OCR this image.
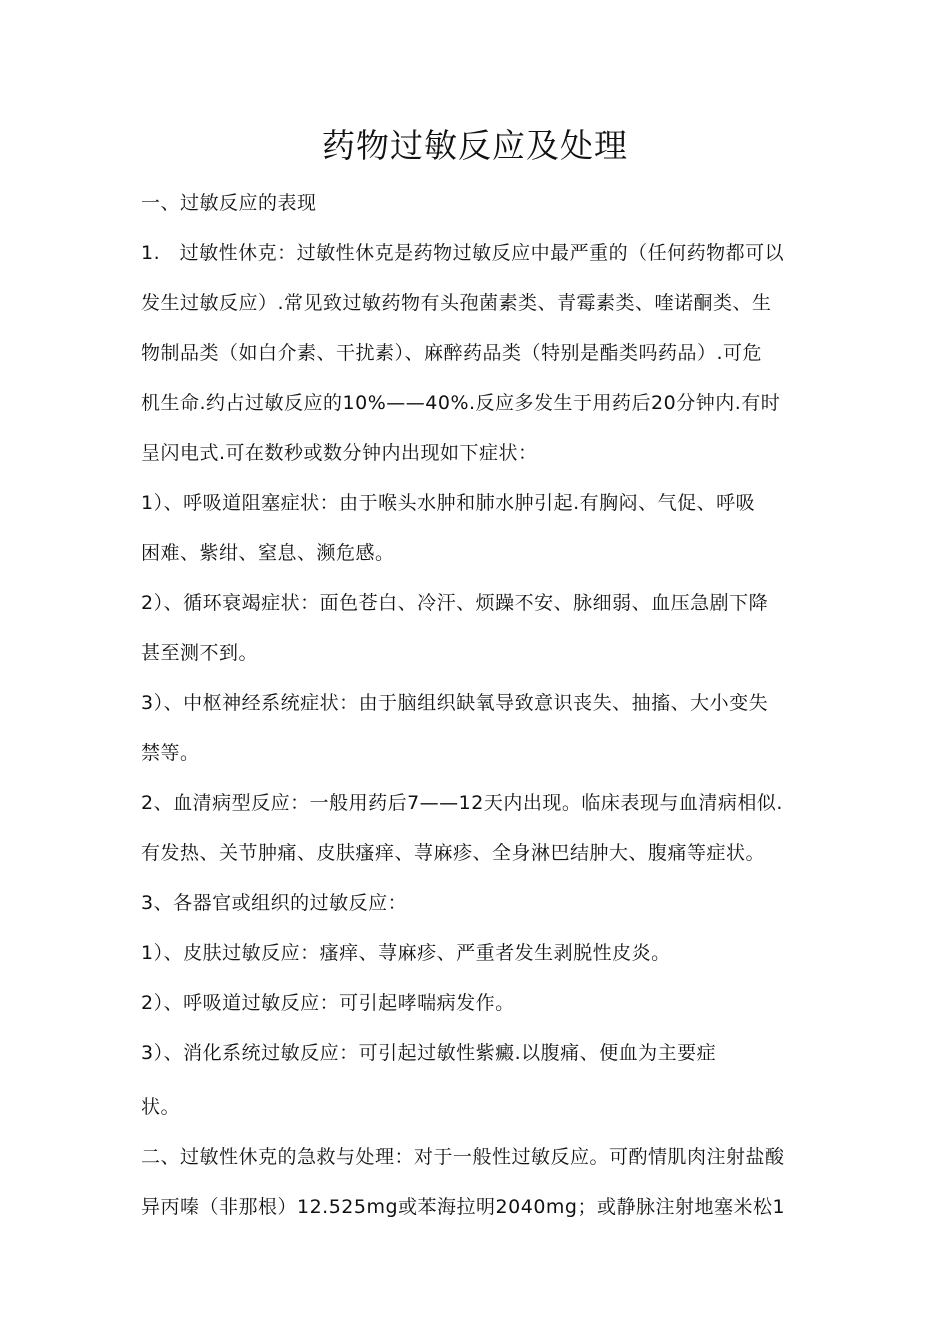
药物过敏反应及处理
一、过敏反应的表现
1.　过敏性休克：过敏性休克是药物过敏反应中最严重的（任何药物都可以
发生过敏反应）.常见致过敏药物有头孢菌素类、青霉素类、喹诺酮类、生
物制品类（如白介素、干扰素）、麻醉药品类（特别是酯类吗药品）.可危
机生命.约占过敏反应的10%——40%.反应多发生于用药后20分钟内.有时
呈闪电式.可在数秒或数分钟内出现如下症状：
1）、呼吸道阻塞症状：由于喉头水肿和肺水肿引起.有胸闷、气促、呼吸
困难、紫绀、窒息、濒危感。
2）、循环衰竭症状：面色苍白、冷汗、烦躁不安、脉细弱、血压急剧下降
甚至测不到。
3）、中枢神经系统症状：由于脑组织缺氧导致意识丧失、抽搐、大小变失
禁等。
2、血清病型反应：一般用药后7——12天内出现。临床表现与血清病相似.
有发热、关节肿痛、皮肤瘙痒、荨麻疹、全身淋巴结肿大、腹痛等症状。
3、各器官或组织的过敏反应：
1）、皮肤过敏反应：瘙痒、荨麻疹、严重者发生剥脱性皮炎。
2）、呼吸道过敏反应：可引起哮喘病发作。
3）、消化系统过敏反应：可引起过敏性紫癜.以腹痛、便血为主要症
状。
二、过敏性休克的急救与处理：对于一般性过敏反应。可酌情肌肉注射盐酸
异丙嗪（非那根）12.525mg或苯海拉明2040mg；或静脉注射地塞米松1
